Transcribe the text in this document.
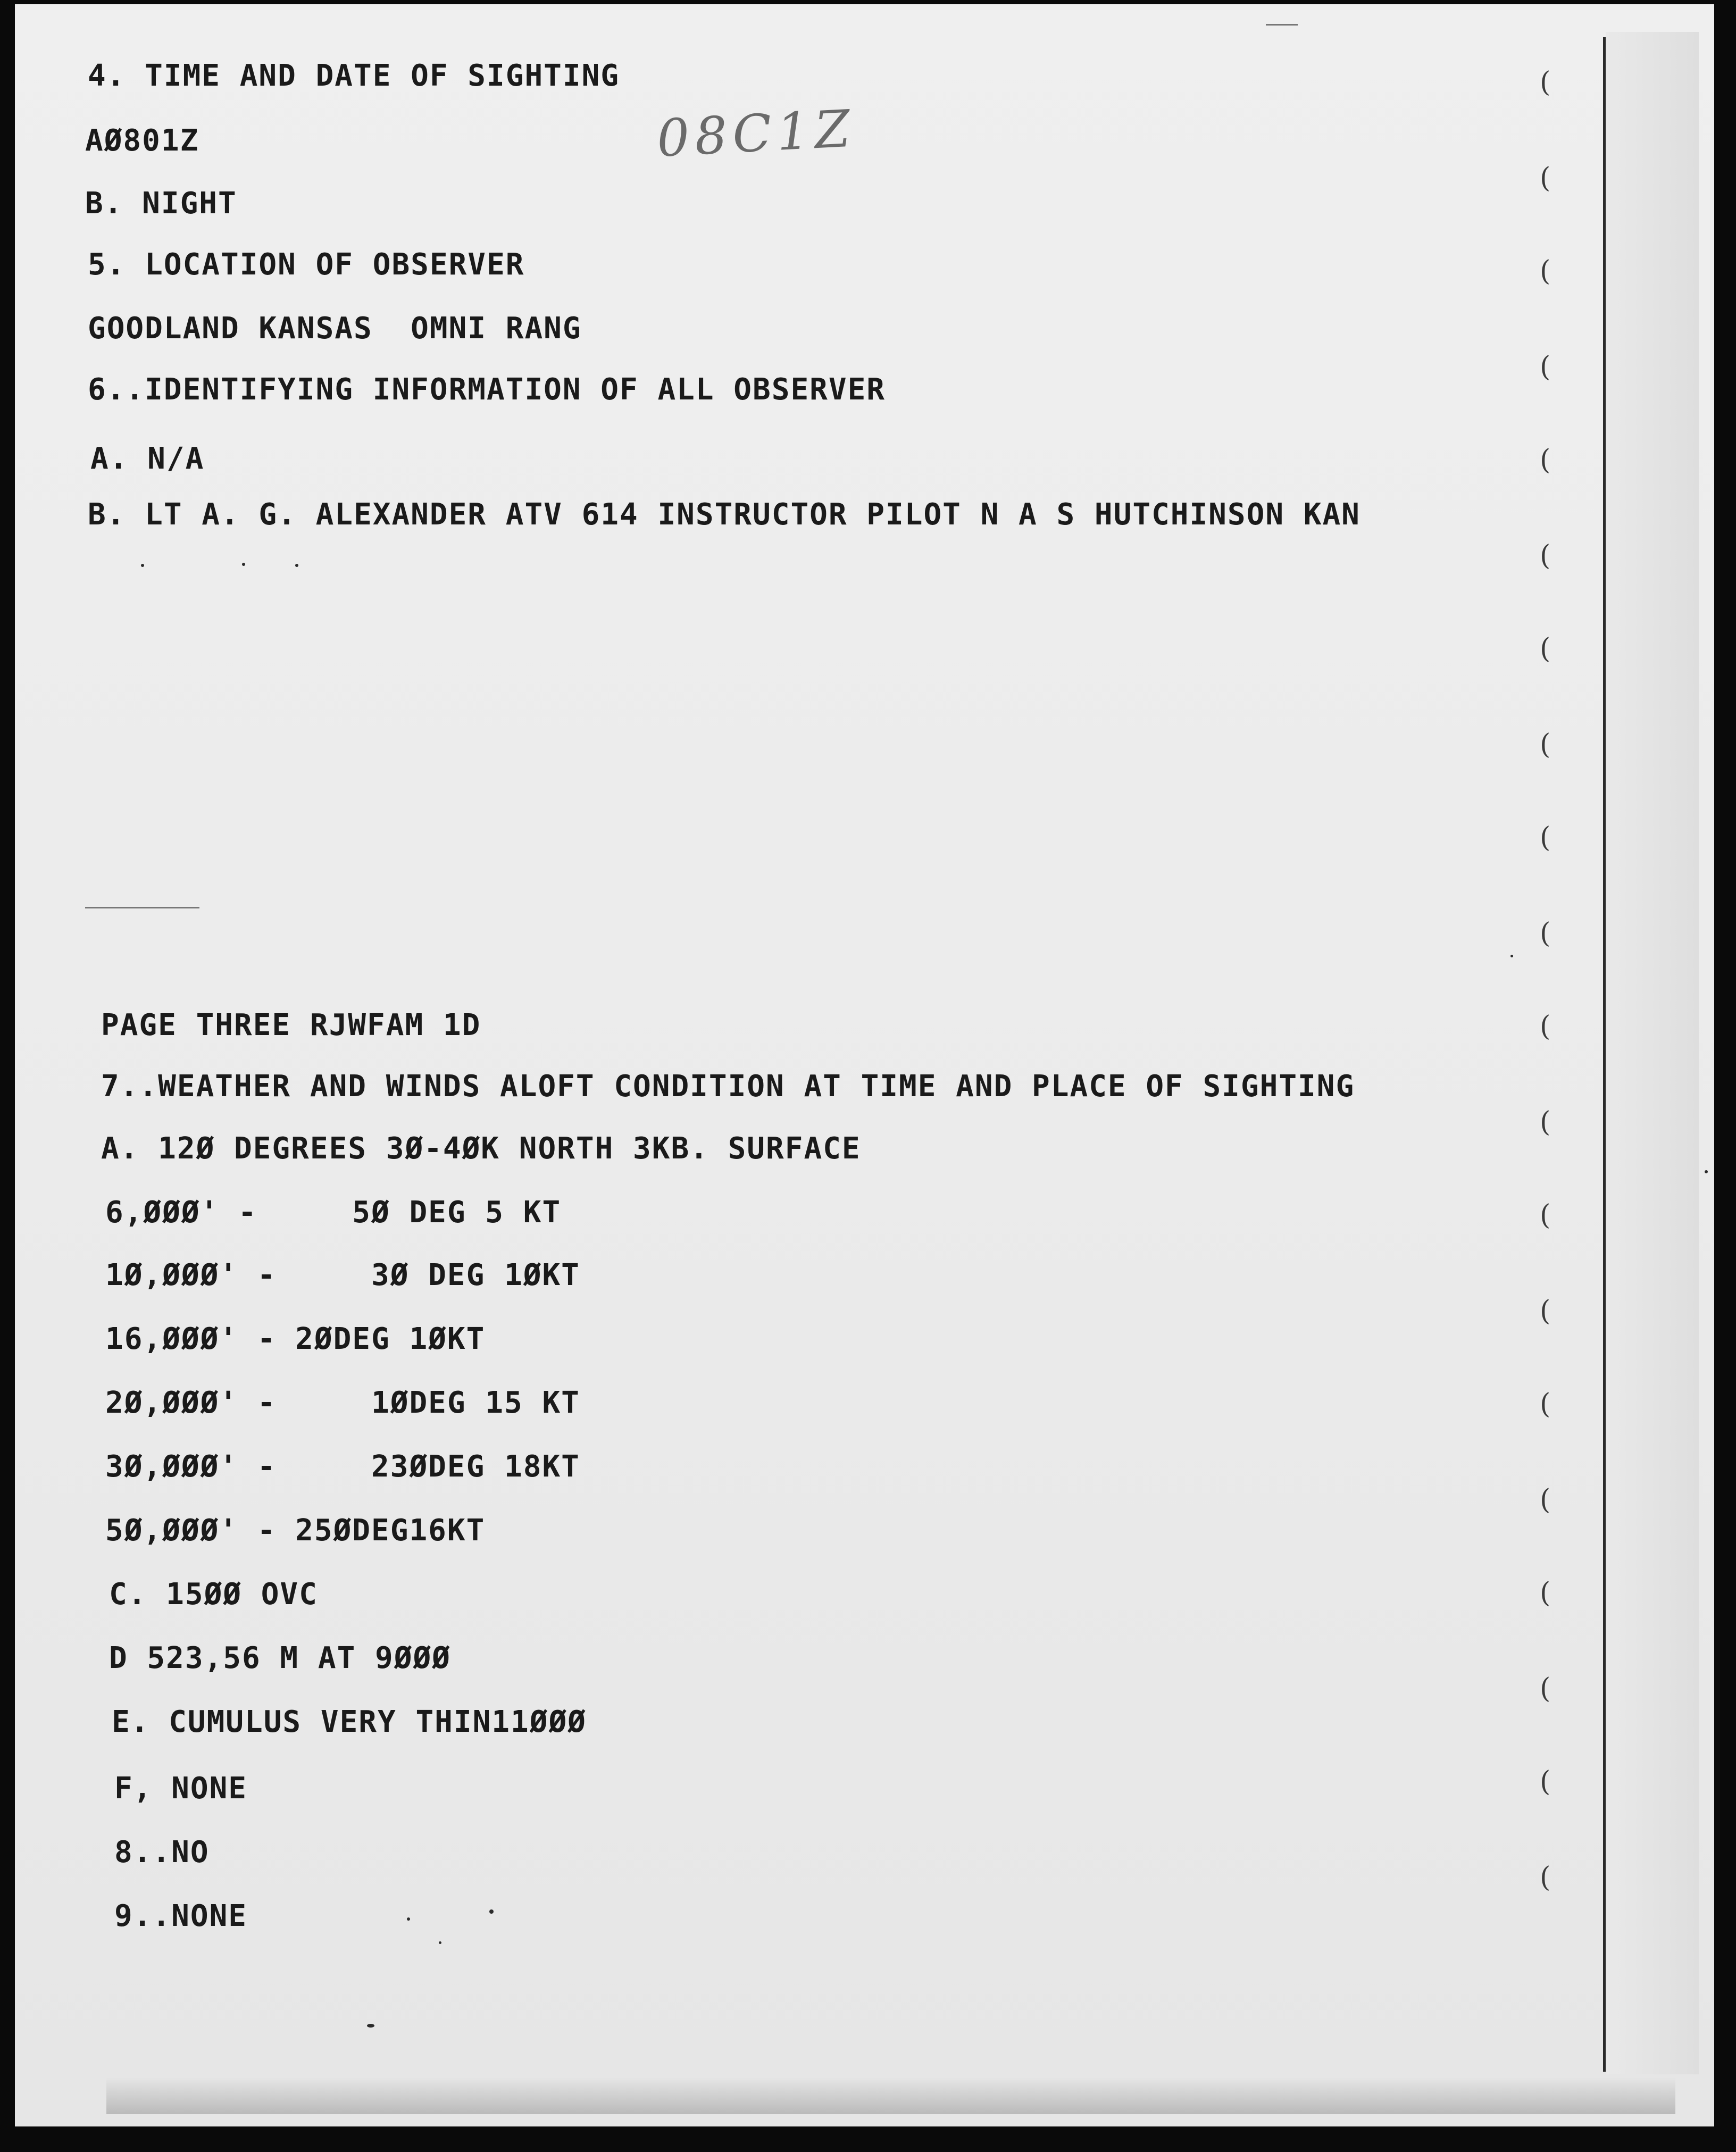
(
(
(
(
(
(
(
(
(
(
(
(
(
(
(
(
(
(
(
(
08C1Z
4. TIME AND DATE OF SIGHTING
AØ801Z
B. NIGHT
5. LOCATION OF OBSERVER
GOODLAND KANSAS  OMNI RANG
6..IDENTIFYING INFORMATION OF ALL OBSERVER
A. N/A
B. LT A. G. ALEXANDER ATV 614 INSTRUCTOR PILOT N A S HUTCHINSON KAN
PAGE THREE RJWFAM 1D
7..WEATHER AND WINDS ALOFT CONDITION AT TIME AND PLACE OF SIGHTING
A. 12Ø DEGREES 3Ø-4ØK NORTH 3KB. SURFACE
6,ØØØ' -     5Ø DEG 5 KT
1Ø,ØØØ' -     3Ø DEG 1ØKT
16,ØØØ' - 2ØDEG 1ØKT
2Ø,ØØØ' -     1ØDEG 15 KT
3Ø,ØØØ' -     23ØDEG 18KT
5Ø,ØØØ' - 25ØDEG16KT
C. 15ØØ OVC
D 523,56 M AT 9ØØØ
E. CUMULUS VERY THIN11ØØØ
F, NONE
8..NO
9..NONE
